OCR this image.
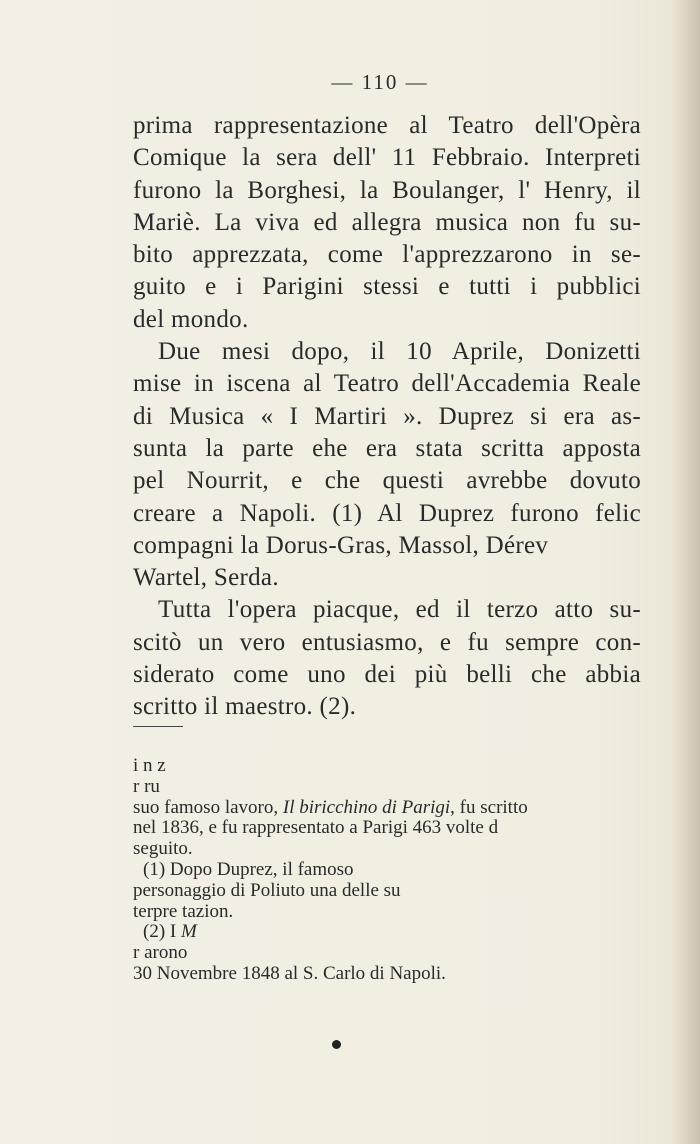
— 110 —
prima rappresentazione al Teatro dell'Opèra
Comique la sera dell' 11 Febbraio. Interpreti
furono la Borghesi, la Boulanger, l' Henry, il
Mariè. La viva ed allegra musica non fu su-
bito apprezzata, come l'apprezzarono in se-
guito e i Parigini stessi e tutti i pubblici
del mondo.
Due mesi dopo, il 10 Aprile, Donizetti
mise in iscena al Teatro dell'Accademia Reale
di Musica « I Martiri ». Duprez si era as-
sunta la parte ehe era stata scritta apposta
pel Nourrit, e che questi avrebbe dovuto
creare a Napoli. (1) Al Duprez furono felic
compagni la Dorus-Gras, Massol, Dérev
Wartel, Serda.
Tutta l'opera piacque, ed il terzo atto su-
scitò un vero entusiasmo, e fu sempre con-
siderato come uno dei più belli che abbia
scritto il maestro. (2).
i n z
r ru
suo famoso lavoro, Il biricchino di Parigi, fu scritto
nel 1836, e fu rappresentato a Parigi 463 volte d
seguito.
(1) Dopo Duprez, il famoso
personaggio di Poliuto una delle su
terpre tazion.
(2) I M
r arono
30 Novembre 1848 al S. Carlo di Napoli.
